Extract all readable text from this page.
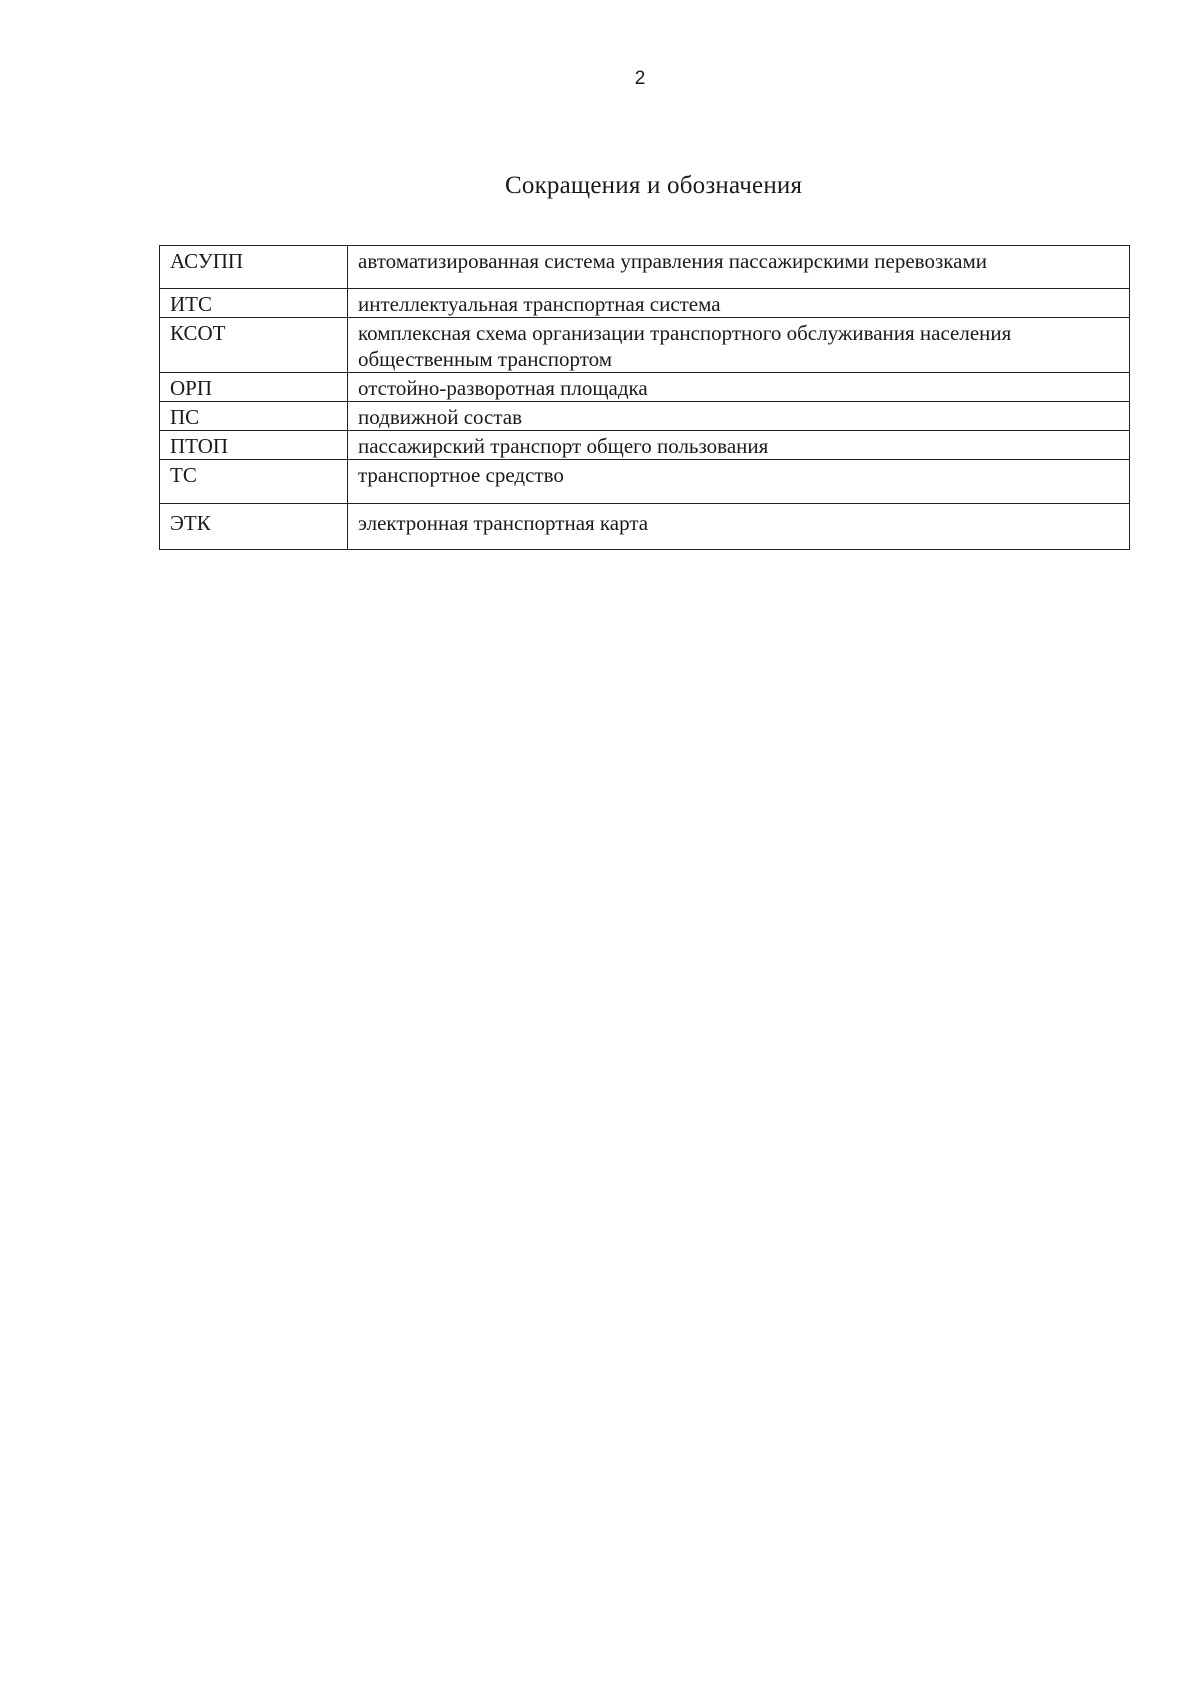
2
Сокращения и обозначения
АСУПП	автоматизированная система управления пассажирскими перевозками
ИТС	интеллектуальная транспортная система
КСОТ	комплексная схема организации транспортного обслуживания населения общественным транспортом
ОРП	отстойно-разворотная площадка
ПС	подвижной состав
ПТОП	пассажирский транспорт общего пользования
ТС	транспортное средство
ЭТК	электронная транспортная карта
